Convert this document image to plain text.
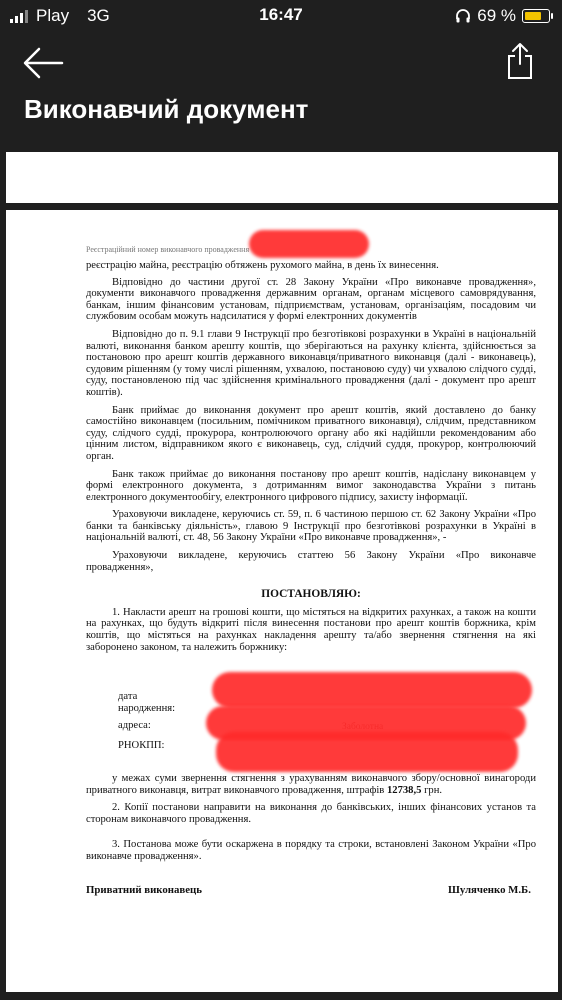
Play 3G	16:47	69 %
Виконавчий документ
Реєстраційний номер виконавчого провадження

реєстрацію майна, реєстрацію обтяжень рухомого майна, в день їх винесення.

Відповідно до частини другої ст. 28 Закону України «Про виконавче провадження», документи виконавчого провадження державним органам, органам місцевого самоврядування, банкам, іншим фінансовим установам, підприємствам, установам, організаціям, посадовим чи службовим особам можуть надсилатися у формі електронних документів

Відповідно до п. 9.1 глави 9 Інструкції про безготівкові розрахунки в Україні в національній валюті, виконання банком арешту коштів, що зберігаються на рахунку клієнта, здійснюється за постановою про арешт коштів державного виконавця/приватного виконавця (далі - виконавець), судовим рішенням (у тому числі рішенням, ухвалою, постановою суду) чи ухвалою слідчого судді, суду, постановленою під час здійснення кримінального провадження (далі - документ про арешт коштів).

Банк приймає до виконання документ про арешт коштів, який доставлено до банку самостійно виконавцем (посильним, помічником приватного виконавця), слідчим, представником суду, слідчого судді, прокурора, контролюючого органу або які надійшли рекомендованим або цінним листом, відправником якого є виконавець, суд, слідчий суддя, прокурор, контролюючий орган.

Банк також приймає до виконання постанову про арешт коштів, надіслану виконавцем у формі електронного документа, з дотриманням вимог законодавства України з питань електронного документообігу, електронного цифрового підпису, захисту інформації.

Ураховуючи викладене, керуючись ст. 59, п. 6 частиною першою ст. 62 Закону України «Про банки та банківську діяльність», главою 9 Інструкції про безготівкові розрахунки в Україні в національній валюті, ст. 48, 56 Закону України «Про виконавче провадження», -

Ураховуючи викладене, керуючись статтею 56 Закону України «Про виконавче провадження»,

ПОСТАНОВЛЯЮ:

1. Накласти арешт на грошові кошти, що містяться на відкритих рахунках, а також на кошти на рахунках, що будуть відкриті після винесення постанови про арешт коштів боржника, крім коштів, що містяться на рахунках накладення арешту та/або звернення стягнення на які заборонено законом, та належить боржнику:

дата
народження:
адреса:
РНОКПП:

у межах суми звернення стягнення з урахуванням виконавчого збору/основної винагороди приватного виконавця, витрат виконавчого провадження, штрафів 12738,5 грн.

2. Копії постанови направити на виконання до банківських, інших фінансових установ та сторонам виконавчого провадження.

3. Постанова може бути оскаржена в порядку та строки, встановлені Законом України «Про виконавче провадження».

Приватний виконавець	Шуляченко М.Б.
